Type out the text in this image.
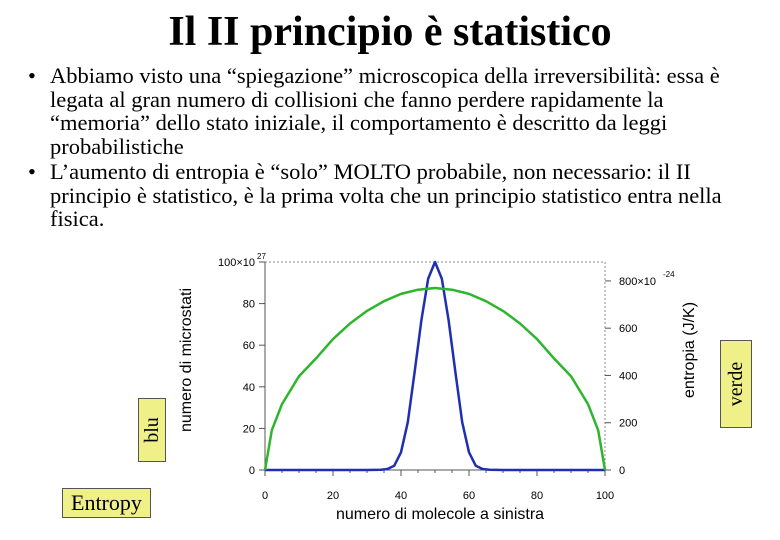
Il II principio è statistico
• Abbiamo visto una “spiegazione” microscopica della irreversibilità: essa è legata al gran numero di collisioni che fanno perdere rapidamente la “memoria” dello stato iniziale, il comportamento è descritto da leggi probabilistiche
• L’aumento di entropia è “solo” MOLTO probabile, non necessario: il II principio è statistico, è la prima volta che un principio statistico entra nella fisica.
0
20
40
60
80
100×10
27
0
200
400
600
800×10
-24
0	20	40	60	80	100
numero di molecole a sinistra
numero di microstati	entropia (J/K)
Entropy
blu
verde
